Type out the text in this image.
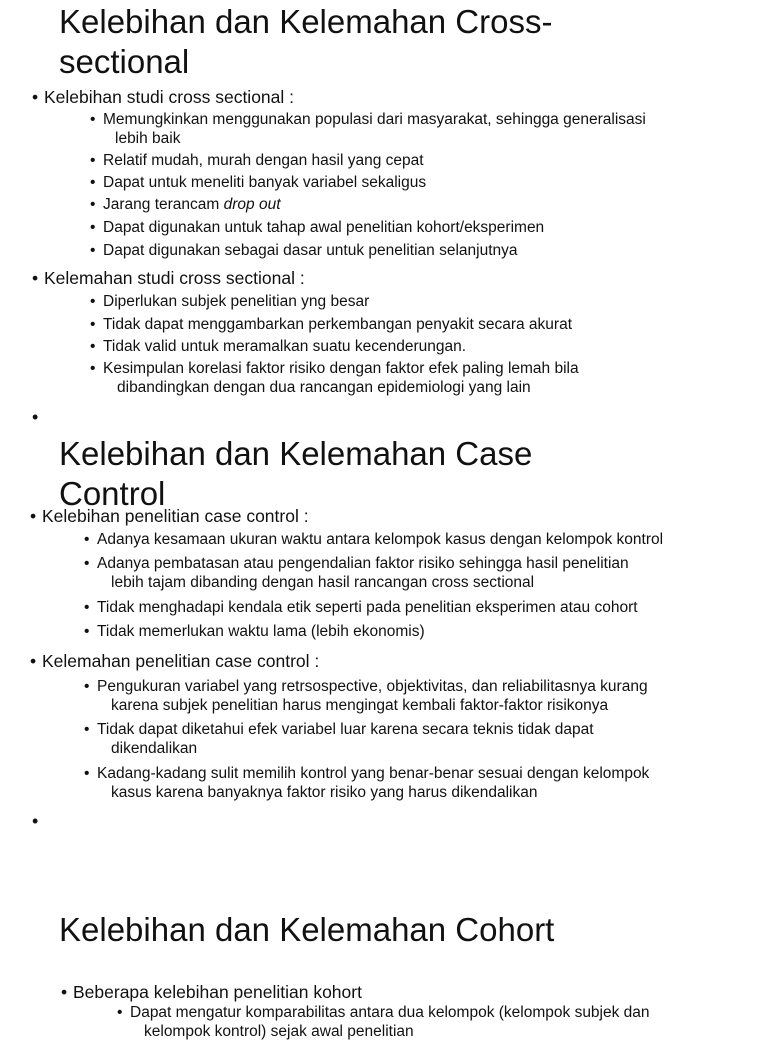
Kelebihan dan Kelemahan Cross-
sectional
• Kelebihan studi cross sectional :
• Memungkinkan menggunakan populasi dari masyarakat, sehingga generalisasi
lebih baik
• Relatif mudah, murah dengan hasil yang cepat
• Dapat untuk meneliti banyak variabel sekaligus
• Jarang terancam drop out
• Dapat digunakan untuk tahap awal penelitian kohort/eksperimen
• Dapat digunakan sebagai dasar untuk penelitian selanjutnya
• Kelemahan studi cross sectional :
• Diperlukan subjek penelitian yng besar
• Tidak dapat menggambarkan perkembangan penyakit secara akurat
• Tidak valid untuk meramalkan suatu kecenderungan.
• Kesimpulan korelasi faktor risiko dengan faktor efek paling lemah bila
dibandingkan dengan dua rancangan epidemiologi yang lain
•
Kelebihan dan Kelemahan Case
Control
• Kelebihan penelitian case control :
• Adanya kesamaan ukuran waktu antara kelompok kasus dengan kelompok kontrol
• Adanya pembatasan atau pengendalian faktor risiko sehingga hasil penelitian
lebih tajam dibanding dengan hasil rancangan cross sectional
• Tidak menghadapi kendala etik seperti pada penelitian eksperimen atau cohort
• Tidak memerlukan waktu lama (lebih ekonomis)
• Kelemahan penelitian case control :
• Pengukuran variabel yang retrsospective, objektivitas, dan reliabilitasnya kurang
karena subjek penelitian harus mengingat kembali faktor-faktor risikonya
• Tidak dapat diketahui efek variabel luar karena secara teknis tidak dapat
dikendalikan
• Kadang-kadang sulit memilih kontrol yang benar-benar sesuai dengan kelompok
kasus karena banyaknya faktor risiko yang harus dikendalikan
•
Kelebihan dan Kelemahan Cohort
• Beberapa kelebihan penelitian kohort
• Dapat mengatur komparabilitas antara dua kelompok (kelompok subjek dan
kelompok kontrol) sejak awal penelitian
